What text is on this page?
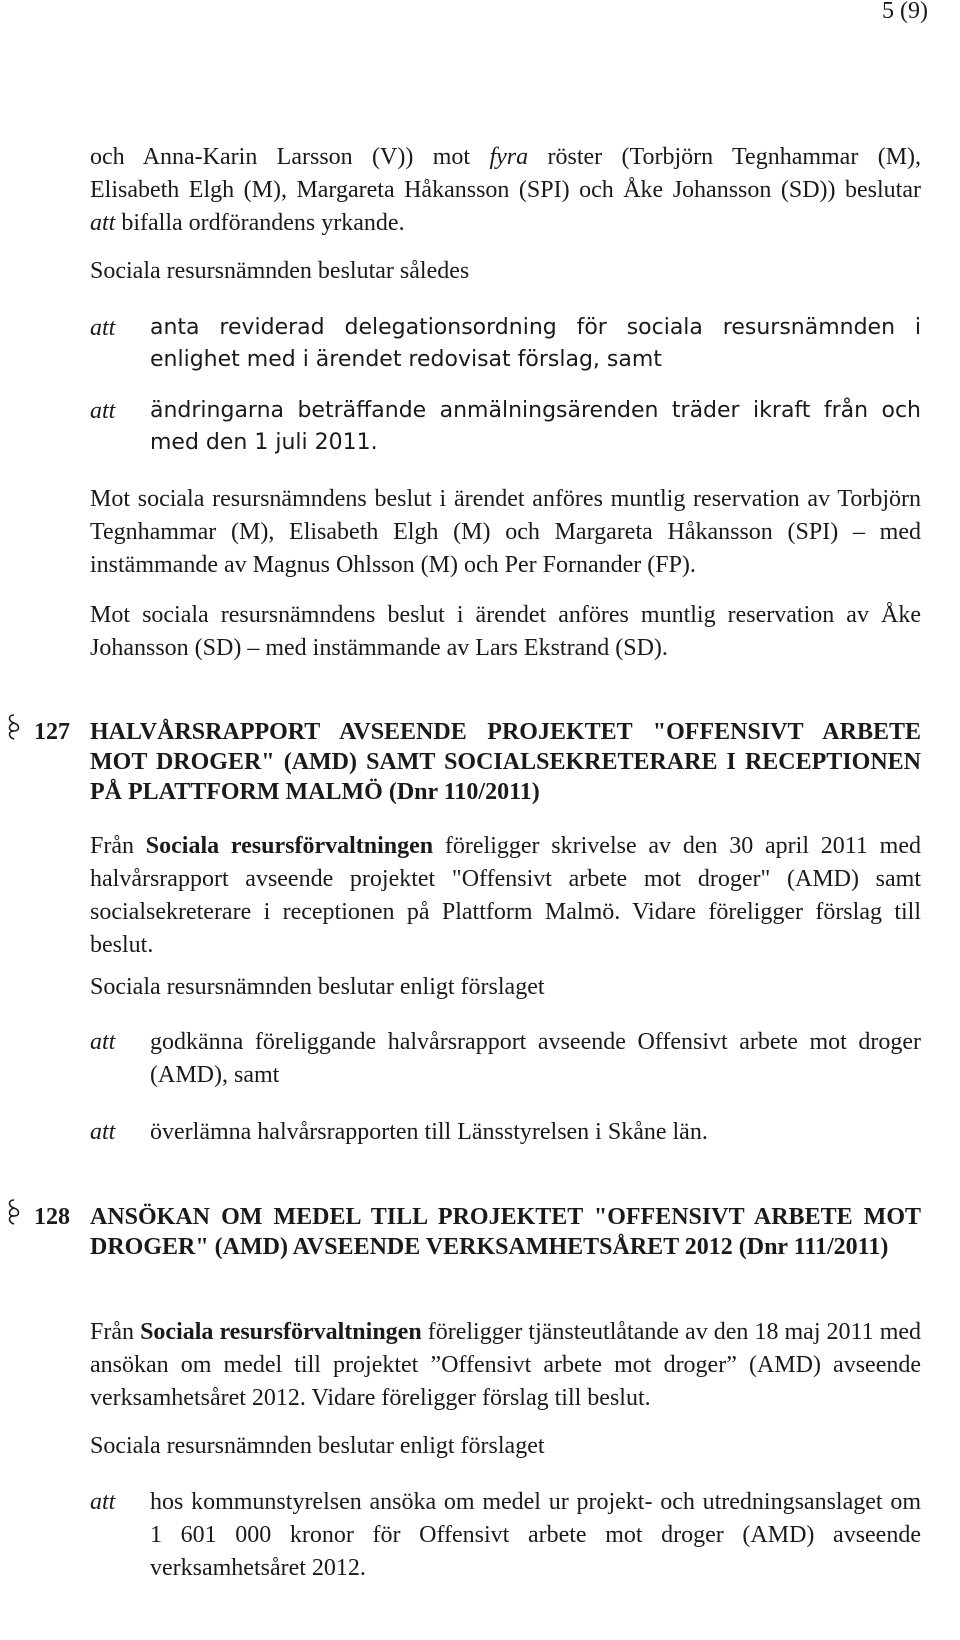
5 (9)
och Anna-Karin Larsson (V)) mot fyra röster (Torbjörn Tegnhammar (M),
Elisabeth Elgh (M), Margareta Håkansson (SPI) och Åke Johansson (SD)) beslutar
att bifalla ordförandens yrkande.

Sociala resursnämnden beslutar således

att anta reviderad delegationsordning för sociala resursnämnden i enlighet med i ärendet redovisat förslag, samt

att ändringarna beträffande anmälningsärenden träder ikraft från och med den 1 juli 2011.

Mot sociala resursnämndens beslut i ärendet anföres muntlig reservation av Torbjörn Tegnhammar (M), Elisabeth Elgh (M) och Margareta Håkansson (SPI) – med instämmande av Magnus Ohlsson (M) och Per Fornander (FP).

Mot sociala resursnämndens beslut i ärendet anföres muntlig reservation av Åke Johansson (SD) – med instämmande av Lars Ekstrand (SD).

127 HALVÅRSRAPPORT AVSEENDE PROJEKTET "OFFENSIVT ARBETE MOT DROGER" (AMD) SAMT SOCIALSEKRETERARE I RECEPTIONEN PÅ PLATTFORM MALMÖ (Dnr 110/2011)

Från Sociala resursförvaltningen föreligger skrivelse av den 30 april 2011 med halvårsrapport avseende projektet "Offensivt arbete mot droger" (AMD) samt socialsekreterare i receptionen på Plattform Malmö. Vidare föreligger förslag till beslut.

Sociala resursnämnden beslutar enligt förslaget

att godkänna föreliggande halvårsrapport avseende Offensivt arbete mot droger (AMD), samt

att överlämna halvårsrapporten till Länsstyrelsen i Skåne län.

128 ANSÖKAN OM MEDEL TILL PROJEKTET "OFFENSIVT ARBETE MOT DROGER" (AMD) AVSEENDE VERKSAMHETSÅRET 2012 (Dnr 111/2011)

Från Sociala resursförvaltningen föreligger tjänsteutlåtande av den 18 maj 2011 med ansökan om medel till projektet ”Offensivt arbete mot droger” (AMD) avseende verksamhetsåret 2012. Vidare föreligger förslag till beslut.

Sociala resursnämnden beslutar enligt förslaget

att hos kommunstyrelsen ansöka om medel ur projekt- och utredningsanslaget om 1 601 000 kronor för Offensivt arbete mot droger (AMD) avseende verksamhetsåret 2012.
